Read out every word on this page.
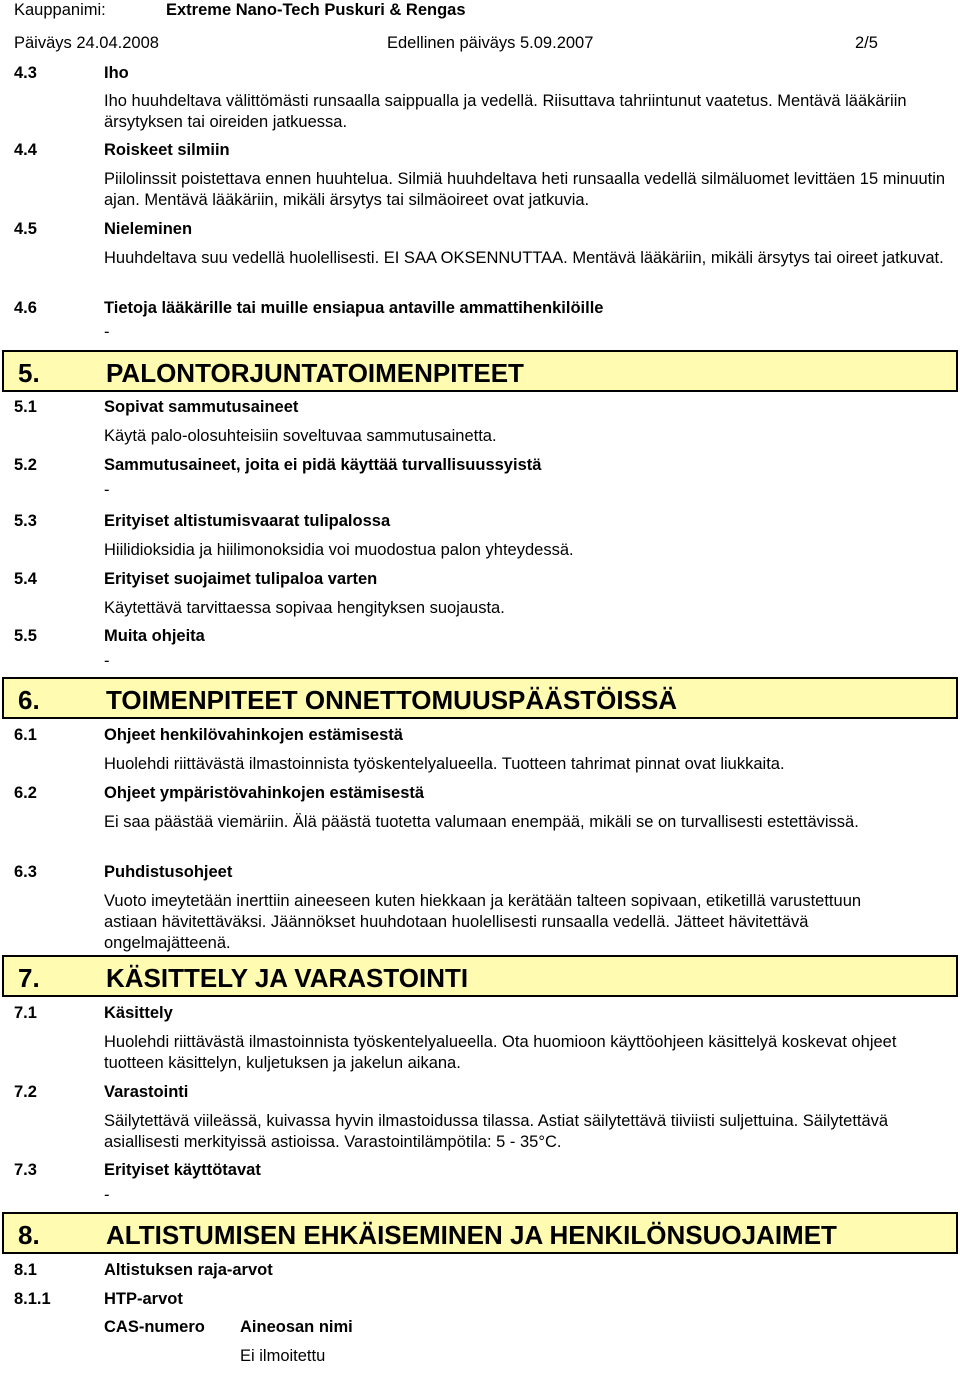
Kauppanimi:	Extreme Nano-Tech Puskuri & Rengas
Päiväys 24.04.2008	Edellinen päiväys 5.09.2007	2/5
4.3	Iho
Iho huuhdeltava välittömästi runsaalla saippualla ja vedellä. Riisuttava tahriintunut vaatetus. Mentävä lääkäriin ärsytyksen tai oireiden jatkuessa.
4.4	Roiskeet silmiin
Piilolinssit poistettava ennen huuhtelua. Silmiä huuhdeltava heti runsaalla vedellä silmäluomet levittäen 15 minuutin ajan. Mentävä lääkäriin, mikäli ärsytys tai silmäoireet ovat jatkuvia.
4.5	Nieleminen
Huuhdeltava suu vedellä huolellisesti. EI SAA OKSENNUTTAA. Mentävä lääkäriin, mikäli ärsytys tai oireet jatkuvat.
4.6	Tietoja lääkärille tai muille ensiapua antaville ammattihenkilöille
-
5.	PALONTORJUNTATOIMENPITEET
5.1	Sopivat sammutusaineet
Käytä palo-olosuhteisiin soveltuvaa sammutusainetta.
5.2	Sammutusaineet, joita ei pidä käyttää turvallisuussyistä
-
5.3	Erityiset altistumisvaarat tulipalossa
Hiilidioksidia ja hiilimonoksidia voi muodostua palon yhteydessä.
5.4	Erityiset suojaimet tulipaloa varten
Käytettävä tarvittaessa sopivaa hengityksen suojausta.
5.5	Muita ohjeita
-
6.	TOIMENPITEET ONNETTOMUUSPÄÄSTÖISSÄ
6.1	Ohjeet henkilövahinkojen estämisestä
Huolehdi riittävästä ilmastoinnista työskentelyalueella. Tuotteen tahrimat pinnat ovat liukkaita.
6.2	Ohjeet ympäristövahinkojen estämisestä
Ei saa päästää viemäriin. Älä päästä tuotetta valumaan enempää, mikäli se on turvallisesti estettävissä.
6.3	Puhdistusohjeet
Vuoto imeytetään inerttiin aineeseen kuten hiekkaan ja kerätään talteen sopivaan, etiketillä varustettuun astiaan hävitettäväksi. Jäännökset huuhdotaan huolellisesti runsaalla vedellä. Jätteet hävitettävä ongelmajätteenä.
7.	KÄSITTELY JA VARASTOINTI
7.1	Käsittely
Huolehdi riittävästä ilmastoinnista työskentelyalueella. Ota huomioon käyttöohjeen käsittelyä koskevat ohjeet tuotteen käsittelyn, kuljetuksen ja jakelun aikana.
7.2	Varastointi
Säilytettävä viileässä, kuivassa hyvin ilmastoidussa tilassa. Astiat säilytettävä tiiviisti suljettuina. Säilytettävä asiallisesti merkityissä astioissa. Varastointilämpötila: 5 - 35°C.
7.3	Erityiset käyttötavat
-
8.	ALTISTUMISEN EHKÄISEMINEN JA HENKILÖNSUOJAIMET
8.1	Altistuksen raja-arvot
8.1.1	HTP-arvot
CAS-numero	Aineosan nimi
	Ei ilmoitettu
